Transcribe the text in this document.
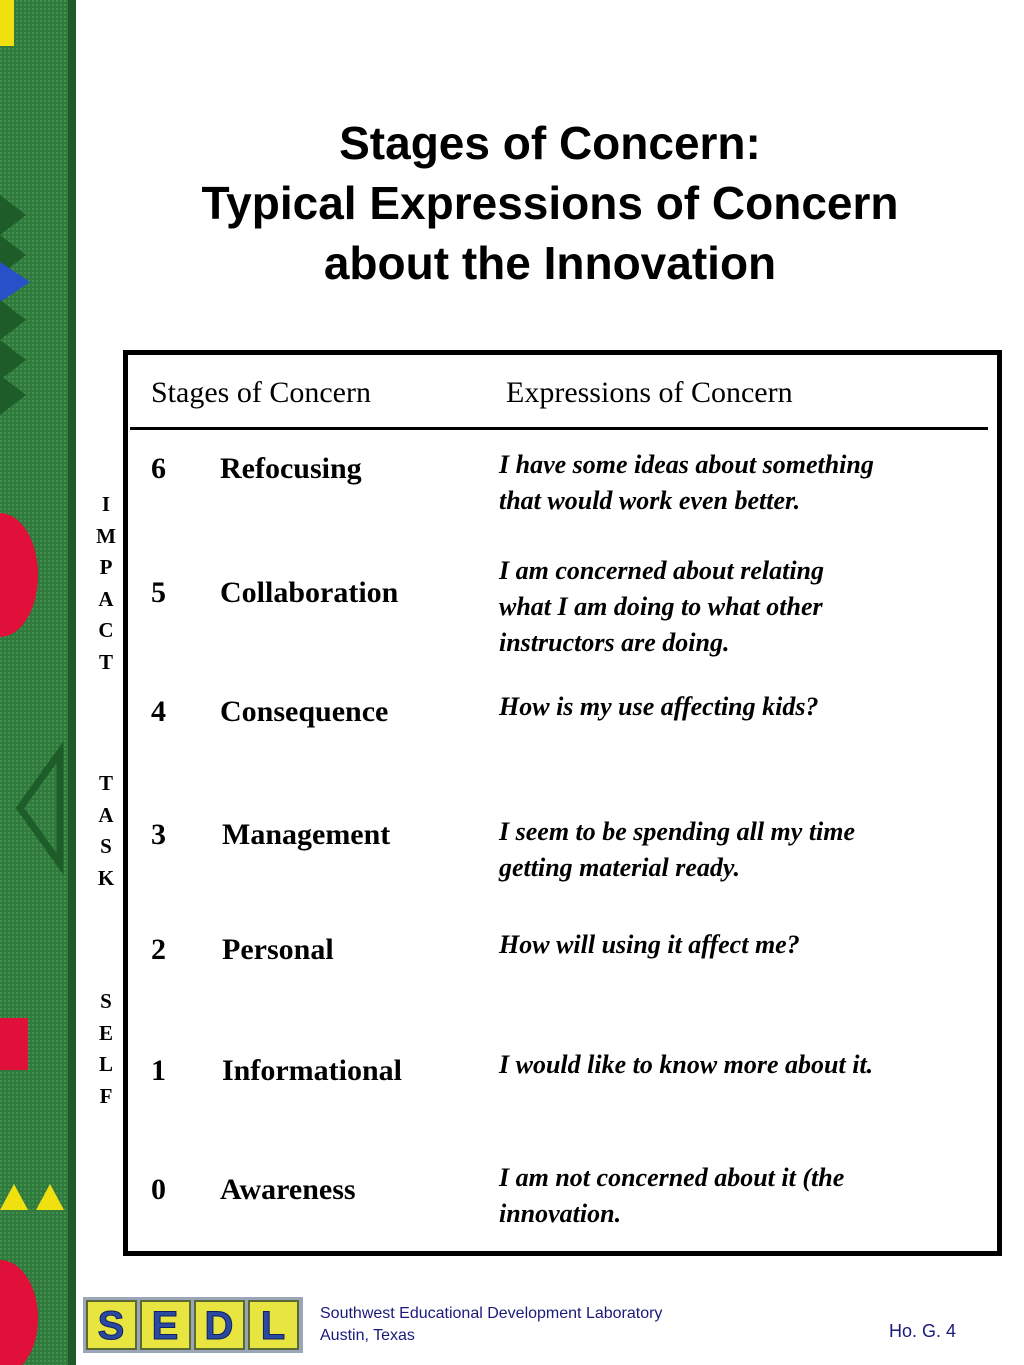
Stages of Concern:
Typical Expressions of Concern
about the Innovation
I
M
P
A
C
T
T
A
S
K
S
E
L
F
Stages of Concern	Expressions of Concern
6 Refocusing	I have some ideas about something
that would work even better.
5 Collaboration
I am concerned about relating
what I am doing to what other
instructors are doing.
4 Consequence	How is my use affecting kids?
3 Management	I seem to be spending all my time
getting material ready.
2 Personal	How will using it affect me?
1 Informational	I would like to know more about it.
0 Awareness	I am not concerned about it (the
innovation.
S E D L Southwest Educational Development Laboratory
Austin, Texas	Ho. G. 4
